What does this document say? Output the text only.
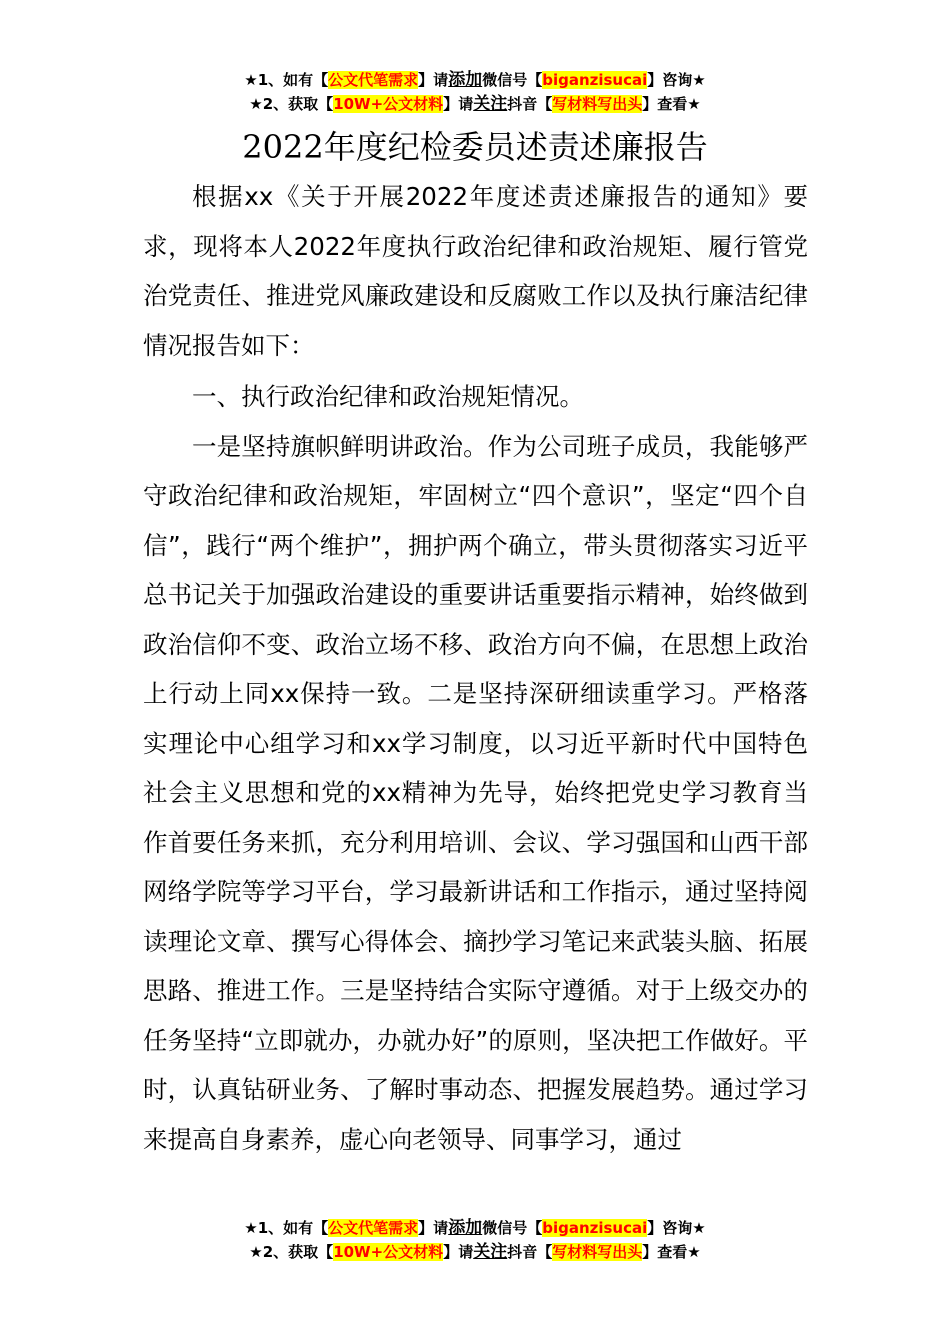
★1、如有【公文代笔需求】请添加微信号【biganzisucai】咨询★
★2、获取【10W+公文材料】请关注抖音【写材料写出头】查看★
2022年度纪检委员述责述廉报告

根据xx《关于开展2022年度述责述廉报告的通知》要求，现将本人2022年度执行政治纪律和政治规矩、履行管党治党责任、推进党风廉政建设和反腐败工作以及执行廉洁纪律情况报告如下：

一、执行政治纪律和政治规矩情况。

一是坚持旗帜鲜明讲政治。作为公司班子成员，我能够严守政治纪律和政治规矩，牢固树立“四个意识”，坚定“四个自信”，践行“两个维护”，拥护两个确立，带头贯彻落实习近平总书记关于加强政治建设的重要讲话重要指示精神，始终做到政治信仰不变、政治立场不移、政治方向不偏，在思想上政治上行动上同xx保持一致。二是坚持深研细读重学习。严格落实理论中心组学习和xx学习制度，以习近平新时代中国特色社会主义思想和党的xx精神为先导，始终把党史学习教育当作首要任务来抓，充分利用培训、会议、学习强国和山西干部网络学院等学习平台，学习最新讲话和工作指示，通过坚持阅读理论文章、撰写心得体会、摘抄学习笔记来武装头脑、拓展思路、推进工作。三是坚持结合实际守遵循。对于上级交办的任务坚持“立即就办，办就办好”的原则，坚决把工作做好。平时，认真钻研业务、了解时事动态、把握发展趋势。通过学习来提高自身素养，虚心向老领导、同事学习，通过

★1、如有【公文代笔需求】请添加微信号【biganzisucai】咨询★
★2、获取【10W+公文材料】请关注抖音【写材料写出头】查看★
